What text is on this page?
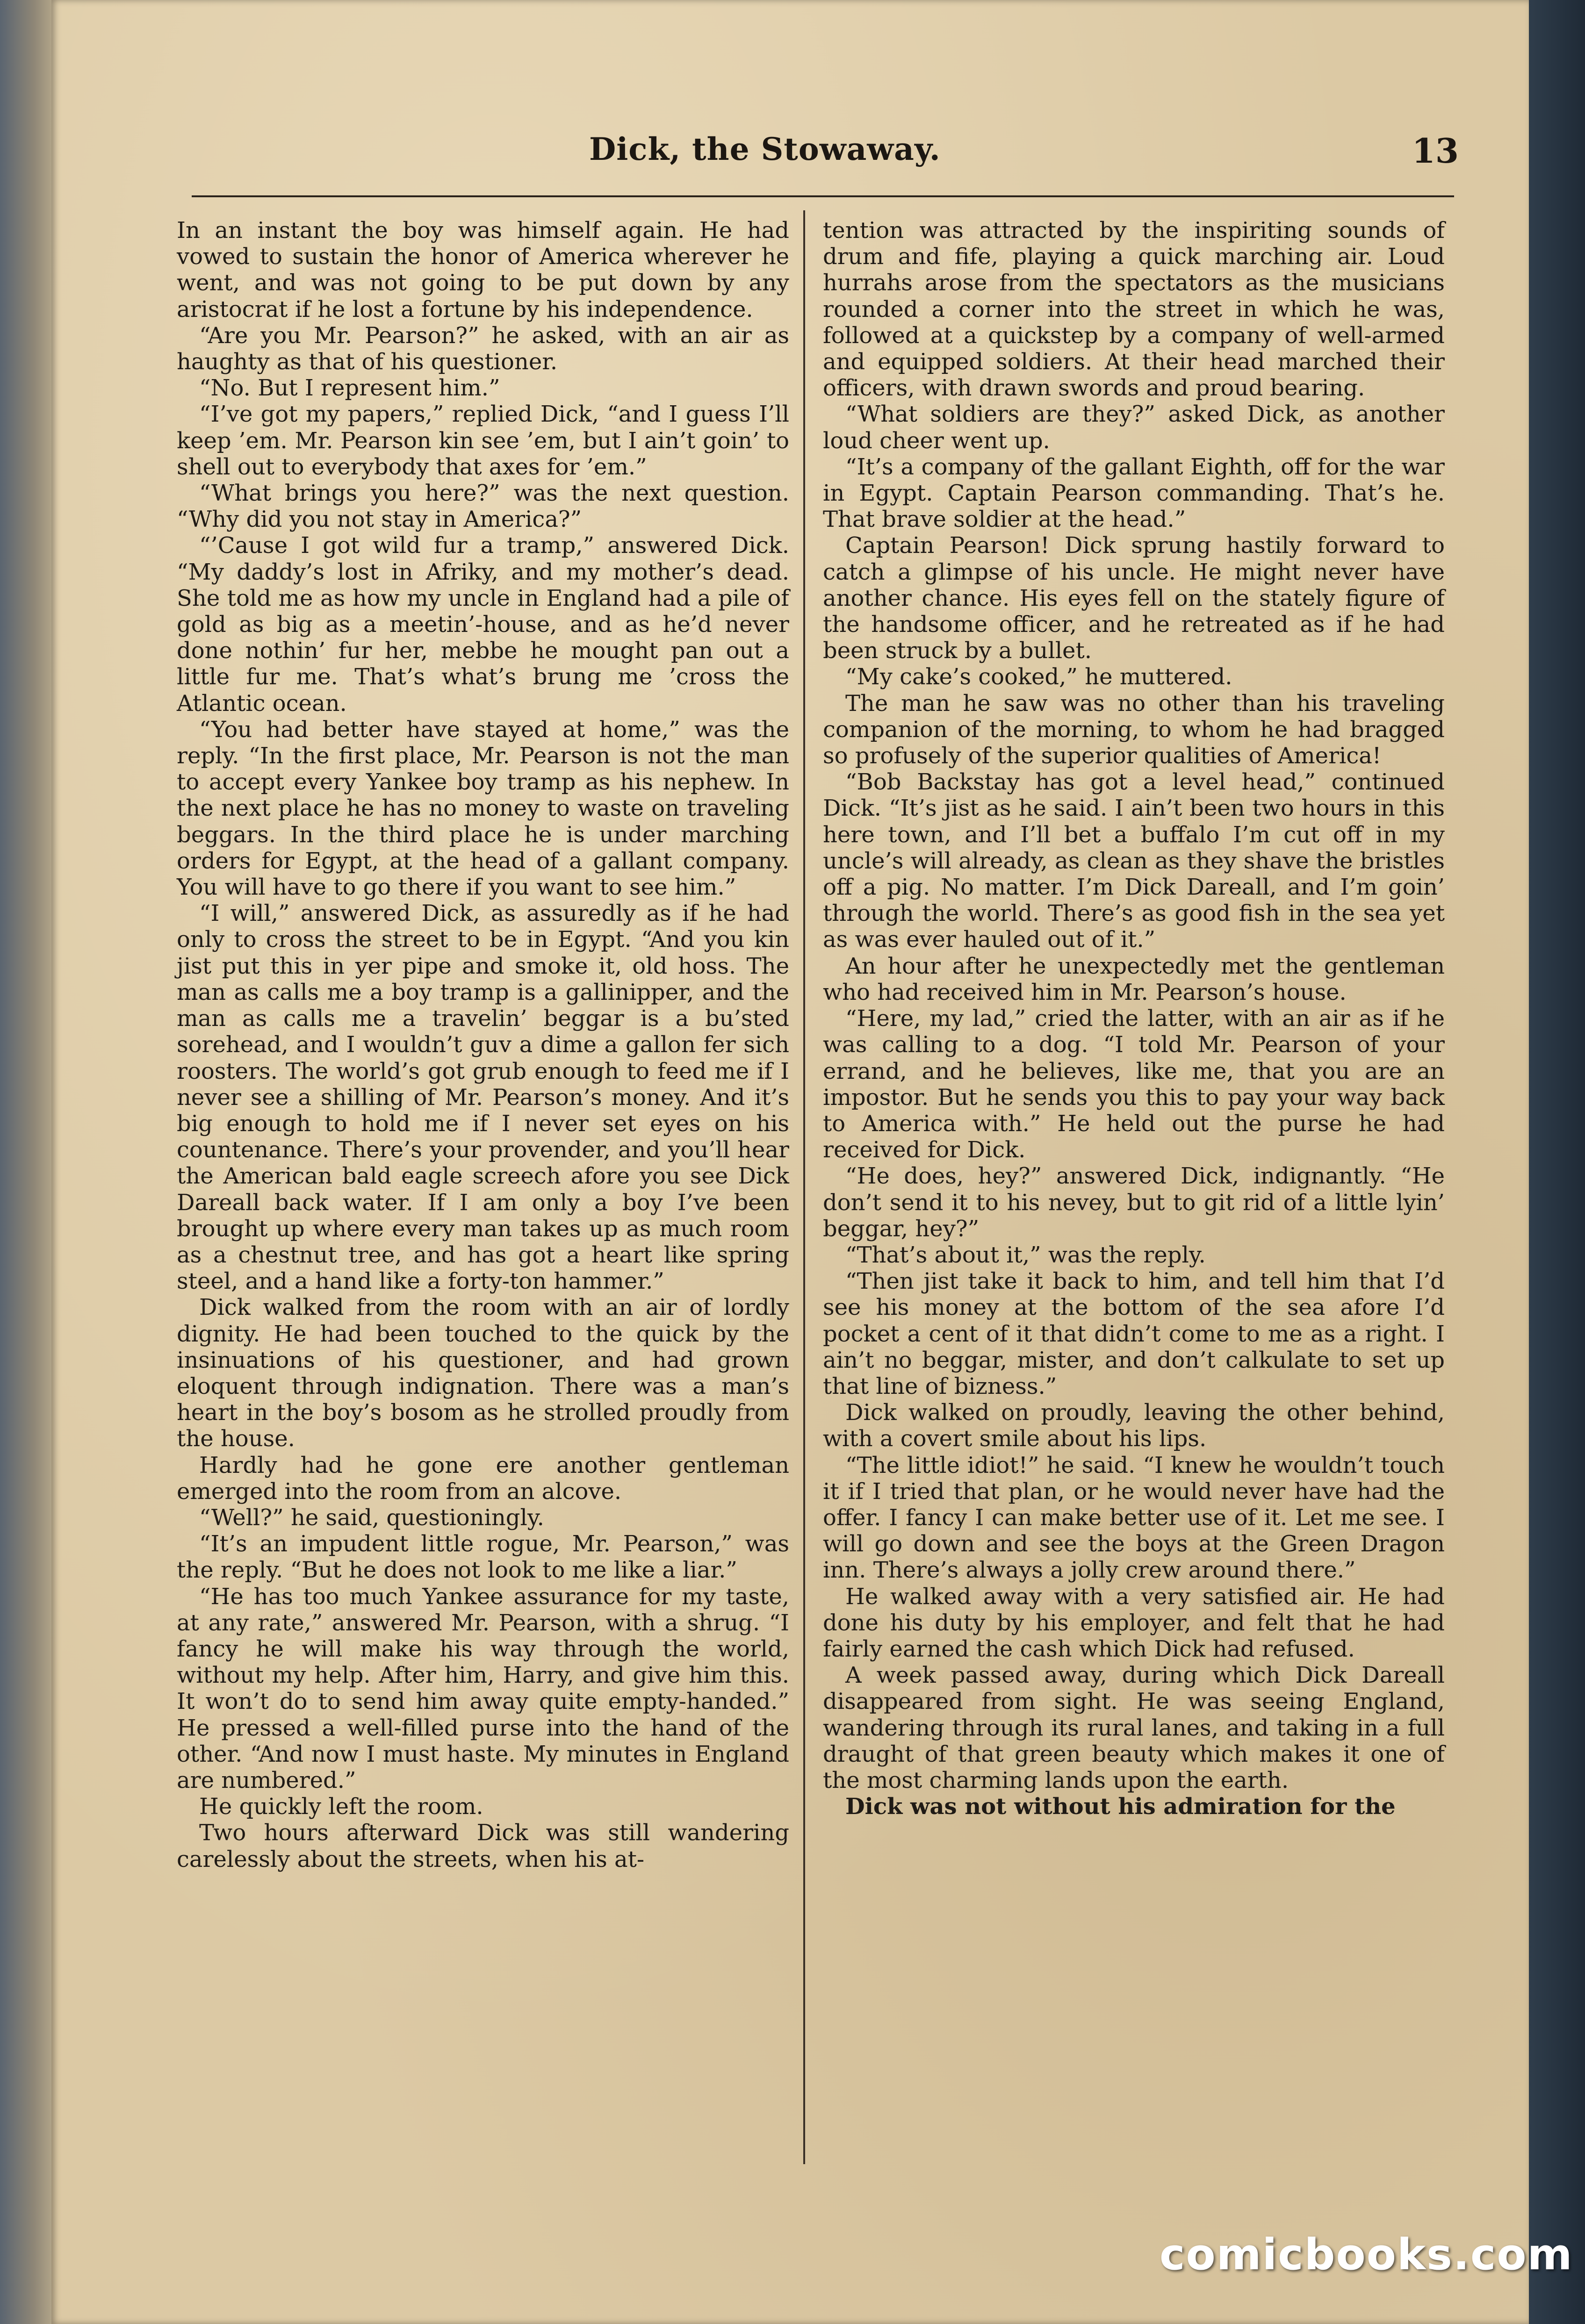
Dick, the Stowaway.	13

In an instant the boy was himself again. He had vowed to sustain the honor of America wherever he went, and was not going to be put down by any aristocrat if he lost a fortune by his independence.

“Are you Mr. Pearson?” he asked, with an air as haughty as that of his questioner.

“No. But I represent him.”

“I’ve got my papers,” replied Dick, “and I guess I’ll keep ’em. Mr. Pearson kin see ’em, but I ain’t goin’ to shell out to everybody that axes for ’em.”

“What brings you here?” was the next question. “Why did you not stay in America?”

“’Cause I got wild fur a tramp,” answered Dick. “My daddy’s lost in Afriky, and my mother’s dead. She told me as how my uncle in England had a pile of gold as big as a meetin’-house, and as he’d never done nothin’ fur her, mebbe he mought pan out a little fur me. That’s what’s brung me ’cross the Atlantic ocean.

“You had better have stayed at home,” was the reply. “In the first place, Mr. Pearson is not the man to accept every Yankee boy tramp as his nephew. In the next place he has no money to waste on traveling beggars. In the third place he is under marching orders for Egypt, at the head of a gallant company. You will have to go there if you want to see him.”

“I will,” answered Dick, as assuredly as if he had only to cross the street to be in Egypt. “And you kin jist put this in yer pipe and smoke it, old hoss. The man as calls me a boy tramp is a gallinipper, and the man as calls me a travelin’ beggar is a bu’sted sorehead, and I wouldn’t guv a dime a gallon fer sich roosters. The world’s got grub enough to feed me if I never see a shilling of Mr. Pearson’s money. And it’s big enough to hold me if I never set eyes on his countenance. There’s your provender, and you’ll hear the American bald eagle screech afore you see Dick Dareall back water. If I am only a boy I’ve been brought up where every man takes up as much room as a chestnut tree, and has got a heart like spring steel, and a hand like a forty-ton hammer.”

Dick walked from the room with an air of lordly dignity. He had been touched to the quick by the insinuations of his questioner, and had grown eloquent through indignation. There was a man’s heart in the boy’s bosom as he strolled proudly from the house.

Hardly had he gone ere another gentleman emerged into the room from an alcove.

“Well?” he said, questioningly.

“It’s an impudent little rogue, Mr. Pearson,” was the reply. “But he does not look to me like a liar.”

“He has too much Yankee assurance for my taste, at any rate,” answered Mr. Pearson, with a shrug. “I fancy he will make his way through the world, without my help. After him, Harry, and give him this. It won’t do to send him away quite empty-handed.” He pressed a well-filled purse into the hand of the other. “And now I must haste. My minutes in England are numbered.”

He quickly left the room.

Two hours afterward Dick was still wandering carelessly about the streets, when his at-

tention was attracted by the inspiriting sounds of drum and fife, playing a quick marching air. Loud hurrahs arose from the spectators as the musicians rounded a corner into the street in which he was, followed at a quickstep by a company of well-armed and equipped soldiers. At their head marched their officers, with drawn swords and proud bearing.

“What soldiers are they?” asked Dick, as another loud cheer went up.

“It’s a company of the gallant Eighth, off for the war in Egypt. Captain Pearson commanding. That’s he. That brave soldier at the head.”

Captain Pearson! Dick sprung hastily forward to catch a glimpse of his uncle. He might never have another chance. His eyes fell on the stately figure of the handsome officer, and he retreated as if he had been struck by a bullet.

“My cake’s cooked,” he muttered.

The man he saw was no other than his traveling companion of the morning, to whom he had bragged so profusely of the superior qualities of America!

“Bob Backstay has got a level head,” continued Dick. “It’s jist as he said. I ain’t been two hours in this here town, and I’ll bet a buffalo I’m cut off in my uncle’s will already, as clean as they shave the bristles off a pig. No matter. I’m Dick Dareall, and I’m goin’ through the world. There’s as good fish in the sea yet as was ever hauled out of it.”

An hour after he unexpectedly met the gentleman who had received him in Mr. Pearson’s house.

“Here, my lad,” cried the latter, with an air as if he was calling to a dog. “I told Mr. Pearson of your errand, and he believes, like me, that you are an impostor. But he sends you this to pay your way back to America with.” He held out the purse he had received for Dick.

“He does, hey?” answered Dick, indignantly. “He don’t send it to his nevey, but to git rid of a little lyin’ beggar, hey?”

“That’s about it,” was the reply.

“Then jist take it back to him, and tell him that I’d see his money at the bottom of the sea afore I’d pocket a cent of it that didn’t come to me as a right. I ain’t no beggar, mister, and don’t calkulate to set up that line of bizness.”

Dick walked on proudly, leaving the other behind, with a covert smile about his lips.

“The little idiot!” he said. “I knew he wouldn’t touch it if I tried that plan, or he would never have had the offer. I fancy I can make better use of it. Let me see. I will go down and see the boys at the Green Dragon inn. There’s always a jolly crew around there.”

He walked away with a very satisfied air. He had done his duty by his employer, and felt that he had fairly earned the cash which Dick had refused.

A week passed away, during which Dick Dareall disappeared from sight. He was seeing England, wandering through its rural lanes, and taking in a full draught of that green beauty which makes it one of the most charming lands upon the earth.

Dick was not without his admiration for the

comicbooks.com
